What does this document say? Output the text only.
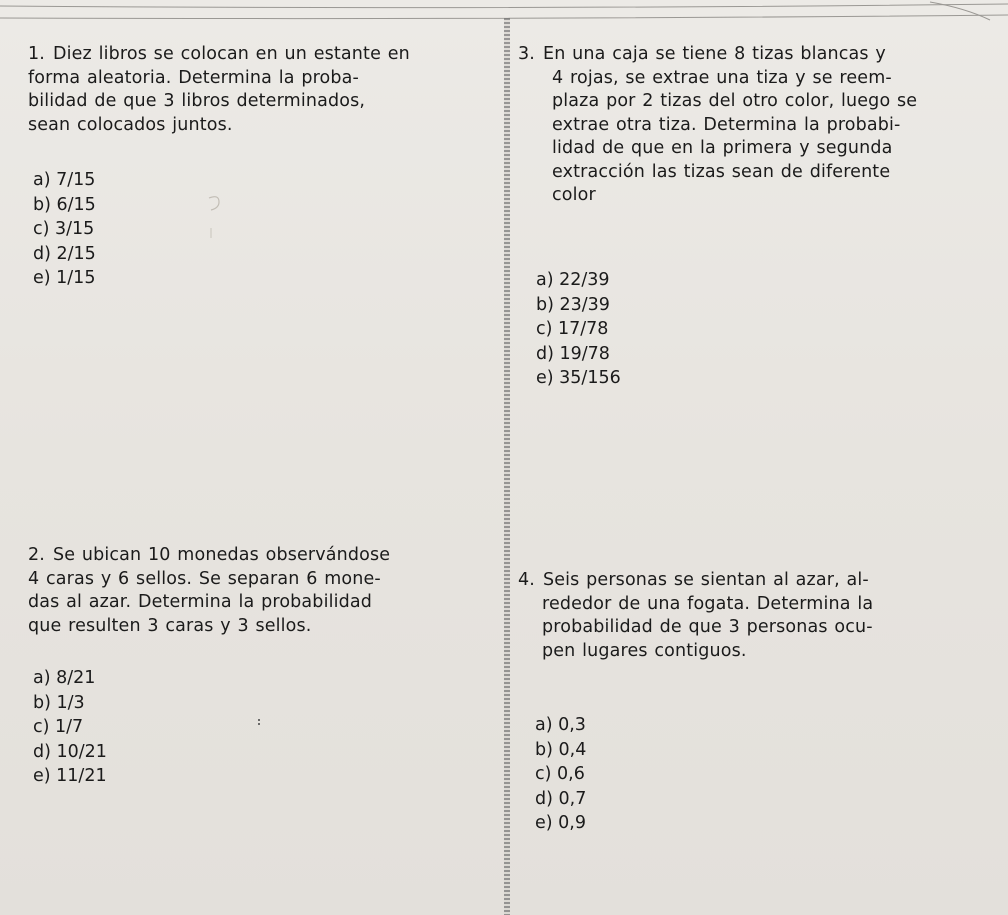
1. Diez libros se colocan en un estante en
forma aleatoria. Determina la proba-
bilidad de que 3 libros determinados,
sean colocados juntos.
a) 7/15
b) 6/15
c) 3/15
d) 2/15
e) 1/15
3. En una caja se tiene 8 tizas blancas y
4 rojas, se extrae una tiza y se reem-
plaza por 2 tizas del otro color, luego se
extrae otra tiza. Determina la probabi-
lidad de que en la primera y segunda
extracción las tizas sean de diferente
color
a) 22/39
b) 23/39
c) 17/78
d) 19/78
e) 35/156
2. Se ubican 10 monedas observándose
4 caras y 6 sellos. Se separan 6 mone-
das al azar. Determina la probabilidad
que resulten 3 caras y 3 sellos.
a) 8/21
b) 1/3
c) 1/7
d) 10/21
e) 11/21
4. Seis personas se sientan al azar, al-
rededor de una fogata. Determina la
probabilidad de que 3 personas ocu-
pen lugares contiguos.
a) 0,3
b) 0,4
c) 0,6
d) 0,7
e) 0,9
